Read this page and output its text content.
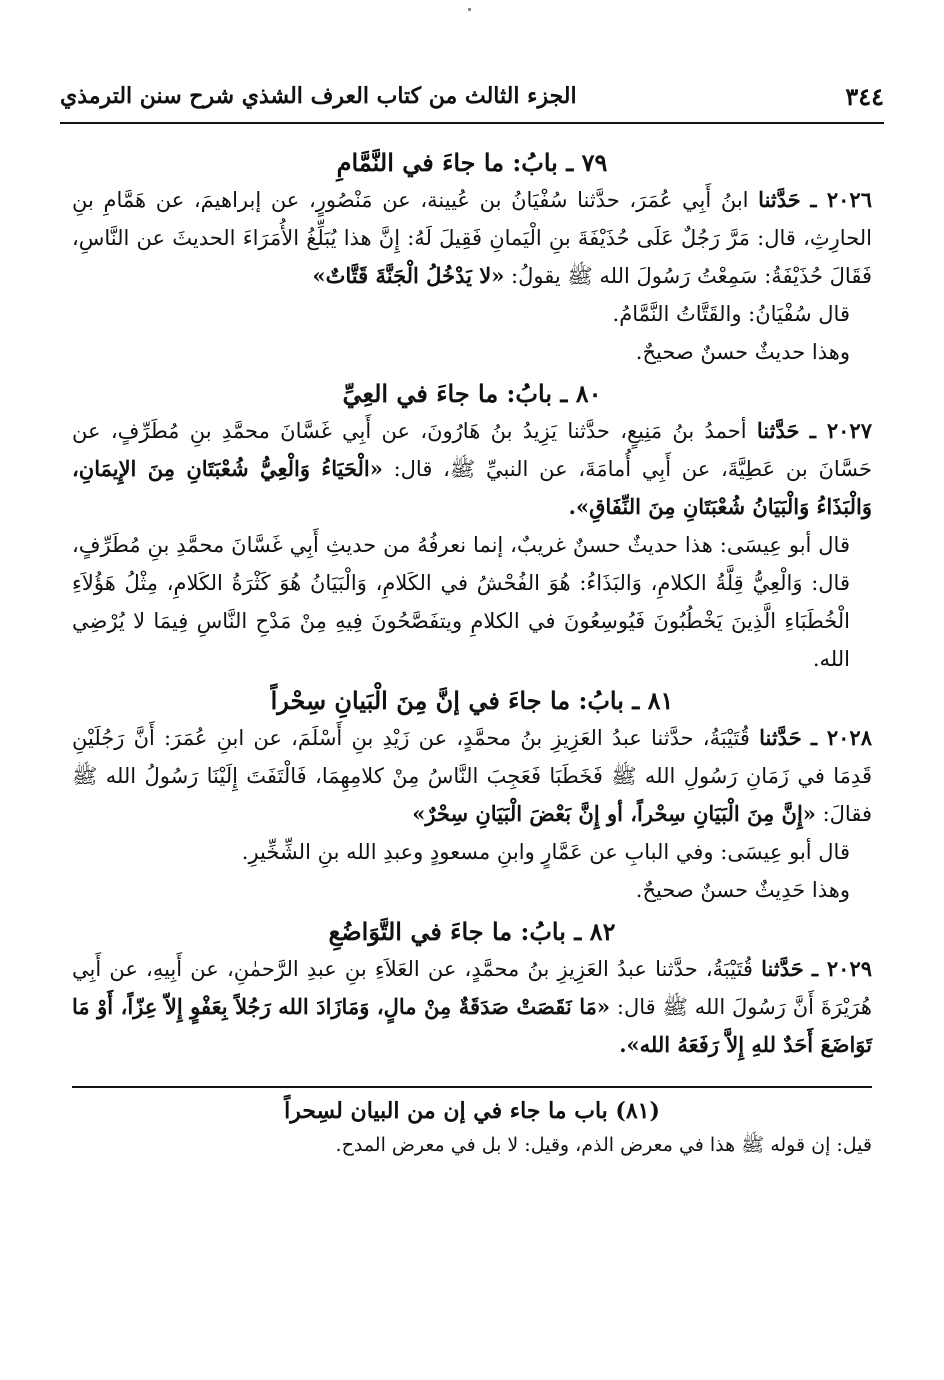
٣٤٤
الجزء الثالث من كتاب العرف الشذي شرح سنن الترمذي
٧٩ ـ بابُ: ما جاءَ في النَّمَّامِ

٢٠٢٦ ـ حَدَّثنا ابنُ أَبِي عُمَرَ، حدَّثنا سُفْيَانُ بن عُيينة، عن مَنْصُورٍ، عن إبراهيمَ، عن هَمَّامِ بنِ الحارِثِ، قال: مَرَّ رَجُلٌ عَلَى حُذَيْفَةَ بنِ الْيَمانِ فَقِيلَ لَهُ: إِنَّ هذا يُبَلِّغُ الأُمَرَاءَ الحديثَ عن النَّاسِ، فَقَالَ حُذَيْفَةُ: سَمِعْتُ رَسُولَ الله ﷺ يقولُ: «لا يَدْخُلُ الْجَنَّةَ قَتَّاتٌ»

قال سُفْيَانُ: والقَتَّاتُ النَّمَّامُ.

وهذا حديثٌ حسنٌ صحيحٌ.

٨٠ ـ بابُ: ما جاءَ في العِيِّ

٢٠٢٧ ـ حَدَّثنا أحمدُ بنُ مَنِيعٍ، حدَّثنا يَزِيدُ بنُ هَارُونَ، عن أَبِي غَسَّانَ محمَّدِ بنِ مُطَرِّفٍ، عن حَسَّانَ بن عَطِيَّةَ، عن أَبِي أُمامَةَ، عن النبيِّ ﷺ، قال: «الْحَيَاءُ وَالْعِيُّ شُعْبَتَانِ مِنَ الإِيمَانِ، وَالْبَذَاءُ وَالْبَيَانُ شُعْبَتَانِ مِنَ النِّفَاقِ».

قال أبو عِيسَى: هذا حديثٌ حسنٌ غريبٌ، إنما نعرفُهُ من حديثِ أَبِي غَسَّانَ محمَّدِ بنِ مُطَرِّفٍ، قال: وَالْعِيُّ قِلَّةُ الكلامِ، وَالبَذَاءُ: هُوَ الفُحْشُ في الكَلامِ، وَالْبَيَانُ هُوَ كَثْرَةُ الكَلامِ، مِثْلُ هَؤُلاَءِ الْخُطَبَاءِ الَّذِينَ يَخْطُبُونَ فَيُوسِعُونَ في الكلامِ ويتفَصَّحُونَ فِيهِ مِنْ مَدْحِ النَّاسِ فِيمَا لا يُرْضِي الله.

٨١ ـ بابُ: ما جاءَ في إنَّ مِنَ الْبَيانِ سِحْراً

٢٠٢٨ ـ حَدَّثنا قُتَيْبَةُ، حدَّثنا عبدُ العَزِيزِ بنُ محمَّدٍ، عن زَيْدِ بنِ أَسْلَمَ، عن ابنِ عُمَرَ: أَنَّ رَجُلَيْنِ قَدِمَا في زَمَانِ رَسُولِ الله ﷺ فَخَطَبَا فَعَجِبَ النَّاسُ مِنْ كلامِهِمَا، فَالْتَفَتَ إِلَيْنَا رَسُولُ الله ﷺ فقالَ: «إِنَّ مِنَ الْبَيَانِ سِحْراً، أو إِنَّ بَعْضَ الْبَيَانِ سِحْرٌ»

قال أبو عِيسَى: وفي البابِ عن عَمَّارٍ وابنِ مسعودٍ وعبدِ الله بنِ الشِّخِّيرِ.

وهذا حَدِيثٌ حسنٌ صحيحٌ.

٨٢ ـ بابُ: ما جاءَ في التَّوَاضُعِ

٢٠٢٩ ـ حَدَّثنا قُتَيْبَةُ، حدَّثنا عبدُ العَزِيزِ بنُ محمَّدٍ، عن العَلاَءِ بنِ عبدِ الرَّحمٰنِ، عن أَبِيهِ، عن أَبِي هُرَيْرَةَ أَنَّ رَسُولَ الله ﷺ قال: «مَا نَقَصَتْ صَدَقَةٌ مِنْ مالٍ، وَمَازَادَ الله رَجُلاً بِعَفْوٍ إِلاّ عِزّاً، أَوْ مَا تَوَاضَعَ أَحَدٌ للهِ إِلاَّ رَفَعَهُ الله».

(٨١) باب ما جاء في إن من البيان لسِحراً

قيل: إن قوله ﷺ هذا في معرض الذم، وقيل: لا بل في معرض المدح.
